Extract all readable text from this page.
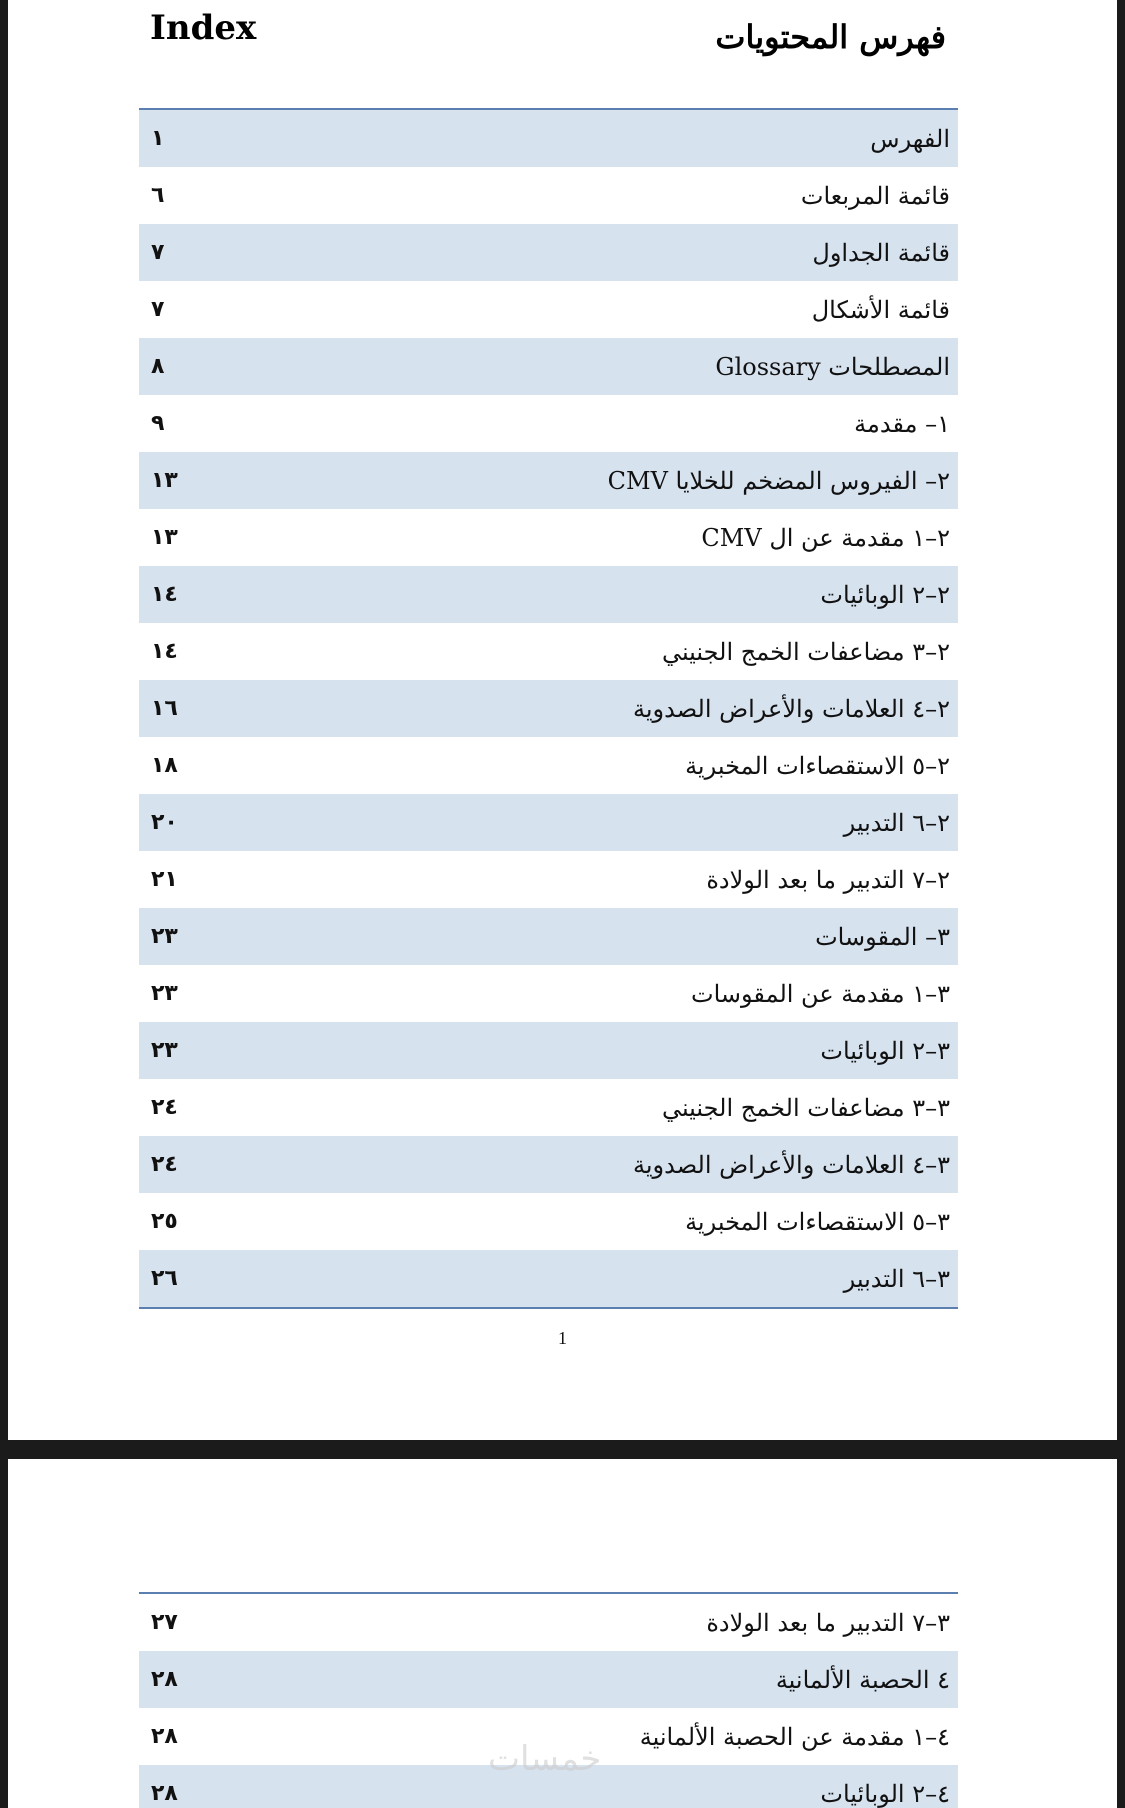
Index	فهرس المحتويات
الفهرس
١
قائمة المربعات
٦
قائمة الجداول
٧
قائمة الأشكال
٧
المصطلحات Glossary
٨
١– مقدمة
٩
٢– الفيروس المضخم للخلايا CMV
١٣
٢–١ مقدمة عن ال CMV
١٣
٢–٢ الوبائيات
١٤
٢–٣ مضاعفات الخمج الجنيني
١٤
٢–٤ العلامات والأعراض الصدوية
١٦
٢–٥ الاستقصاءات المخبرية
١٨
٢–٦ التدبير
٢٠
٢–٧ التدبير ما بعد الولادة
٢١
٣– المقوسات
٢٣
٣–١ مقدمة عن المقوسات
٢٣
٣–٢ الوبائيات
٢٣
٣–٣ مضاعفات الخمج الجنيني
٢٤
٣–٤ العلامات والأعراض الصدوية
٢٤
٣–٥ الاستقصاءات المخبرية
٢٥
٣–٦ التدبير
٢٦
1
٣–٧ التدبير ما بعد الولادة
٢٧
٤ الحصبة الألمانية
٢٨
٤–١ مقدمة عن الحصبة الألمانية
٢٨
٤–٢ الوبائيات
٢٨
خمسات
